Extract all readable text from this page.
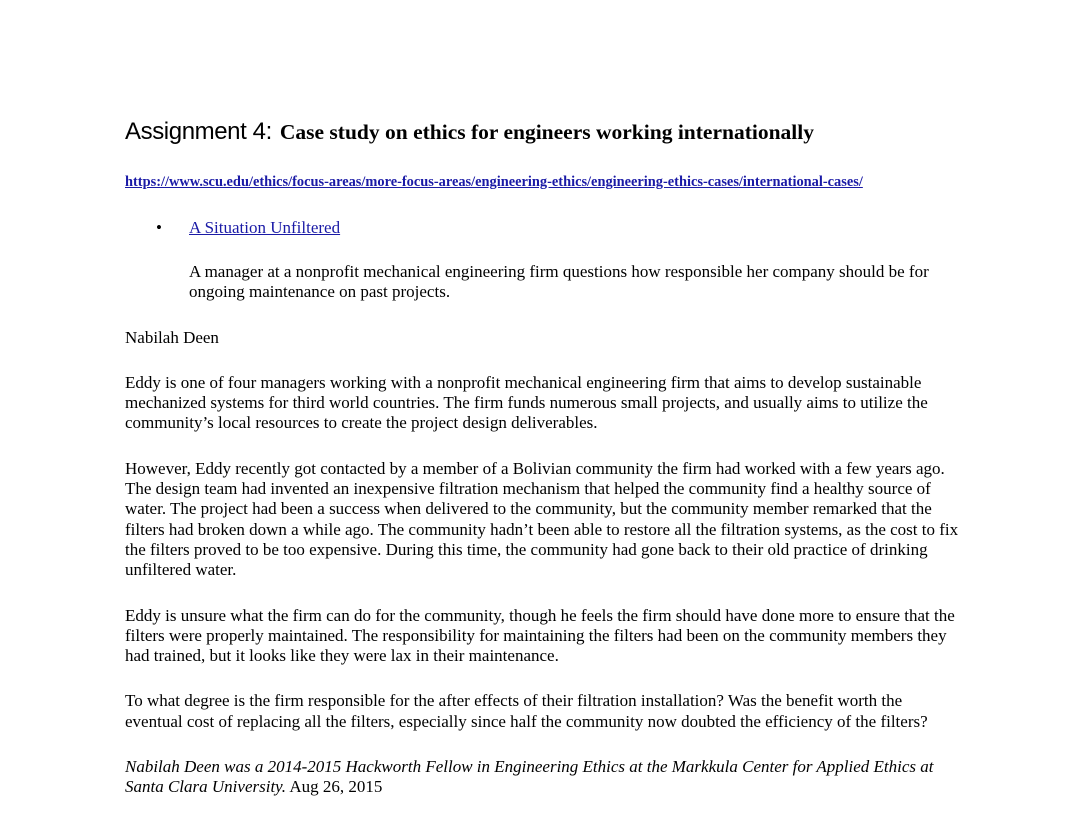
Assignment 4: Case study on ethics for engineers working internationally
https://www.scu.edu/ethics/focus-areas/more-focus-areas/engineering-ethics/engineering-ethics-cases/international-cases/
• A Situation Unfiltered

A manager at a nonprofit mechanical engineering firm questions how responsible her company should be for ongoing maintenance on past projects.

Nabilah Deen

Eddy is one of four managers working with a nonprofit mechanical engineering firm that aims to develop sustainable mechanized systems for third world countries. The firm funds numerous small projects, and usually aims to utilize the community’s local resources to create the project design deliverables.

However, Eddy recently got contacted by a member of a Bolivian community the firm had worked with a few years ago. The design team had invented an inexpensive filtration mechanism that helped the community find a healthy source of water. The project had been a success when delivered to the community, but the community member remarked that the filters had broken down a while ago. The community hadn’t been able to restore all the filtration systems, as the cost to fix the filters proved to be too expensive. During this time, the community had gone back to their old practice of drinking unfiltered water.

Eddy is unsure what the firm can do for the community, though he feels the firm should have done more to ensure that the filters were properly maintained. The responsibility for maintaining the filters had been on the community members they had trained, but it looks like they were lax in their maintenance.

To what degree is the firm responsible for the after effects of their filtration installation? Was the benefit worth the eventual cost of replacing all the filters, especially since half the community now doubted the efficiency of the filters?

Nabilah Deen was a 2014-2015 Hackworth Fellow in Engineering Ethics at the Markkula Center for Applied Ethics at Santa Clara University. Aug 26, 2015
